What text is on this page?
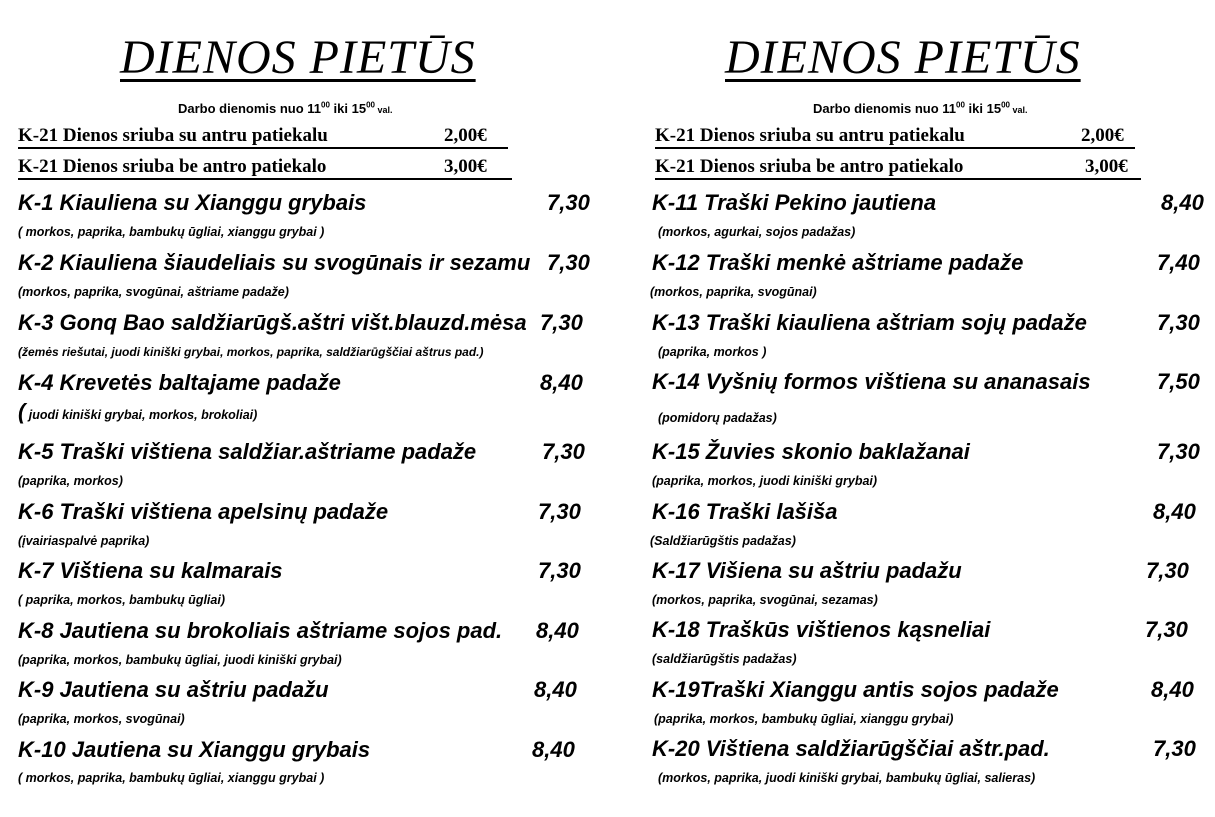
DIENOS PIETŪS
Darbo dienomis nuo $11^{00}$ iki $15^{00}$ val.
K-21 Dienos sriuba su antru patiekalu	2,00€
K-21 Dienos sriuba be antro patiekalo	3,00€
K-1 Kiauliena su Xianggu grybais	7,30
( morkos, paprika, bambukų ūgliai, xianggu grybai )
K-2 Kiauliena šiaudeliais su svogūnais ir sezamu 7,30
(morkos, paprika, svogūnai, aštriame padaže)
K-3 Gonq Bao saldžiarūgš.aštri višt.blauzd.mėsa 7,30
(žemės riešutai, juodi kiniški grybai, morkos, paprika, saldžiarūgščiai aštrus pad.)
K-4 Krevetės baltajame padaže	8,40
( juodi kiniški grybai, morkos, brokoliai)
K-5 Traški vištiena saldžiar.aštriame padaže	7,30
(paprika, morkos)
K-6 Traški vištiena apelsinų padaže	7,30
(įvairiaspalvė paprika)
K-7 Vištiena su kalmarais	7,30
( paprika, morkos, bambukų ūgliai)
K-8 Jautiena su brokoliais aštriame sojos pad. 8,40
(paprika, morkos, bambukų ūgliai, juodi kiniški grybai)
K-9 Jautiena su aštriu padažu	8,40
(paprika, morkos, svogūnai)
K-10 Jautiena su Xianggu grybais	8,40
( morkos, paprika, bambukų ūgliai, xianggu grybai )
DIENOS PIETŪS
Darbo dienomis nuo $11^{00}$ iki $15^{00}$ val.
K-21 Dienos sriuba su antru patiekalu	2,00€
K-21 Dienos sriuba be antro patiekalo	3,00€
K-11 Traški Pekino jautiena	8,40
(morkos, agurkai, sojos padažas)
K-12 Traški menkė aštriame padaže	7,40
(morkos, paprika, svogūnai)
K-13 Traški kiauliena aštriam sojų padaže	7,30
(paprika, morkos )
K-14 Vyšnių formos vištiena su ananasais	7,50
(pomidorų padažas)
K-15 Žuvies skonio baklažanai	7,30
(paprika, morkos, juodi kiniški grybai)
K-16 Traški lašiša	8,40
(Saldžiarūgštis padažas)
K-17 Višiena su aštriu padažu	7,30
(morkos, paprika, svogūnai, sezamas)
K-18 Traškūs vištienos kąsneliai	7,30
(saldžiarūgštis padažas)
K-19Traški Xianggu antis sojos padaže	8,40
(paprika, morkos, bambukų ūgliai, xianggu grybai)
K-20 Vištiena saldžiarūgščiai aštr.pad.	7,30
(morkos, paprika, juodi kiniški grybai, bambukų ūgliai, salieras)
